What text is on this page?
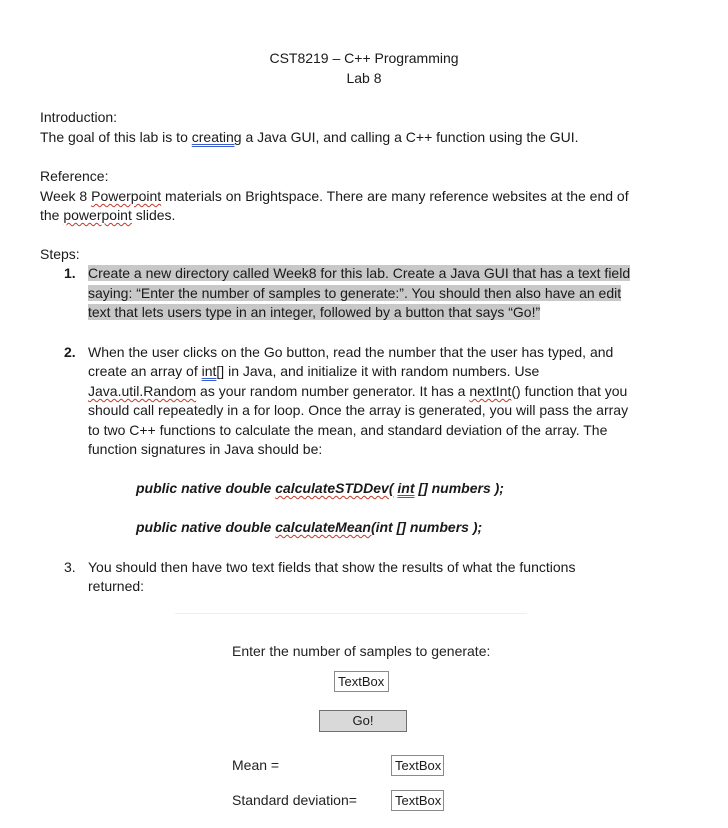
CST8219 – C++ Programming
Lab 8
Introduction:
The goal of this lab is to creating a Java GUI, and calling a C++ function using the GUI.
Reference:
Week 8 Powerpoint materials on Brightspace. There are many reference websites at the end of
the powerpoint slides.
Steps:
1. Create a new directory called Week8 for this lab. Create a Java GUI that has a text field
saying: “Enter the number of samples to generate:”. You should then also have an edit
text that lets users type in an integer, followed by a button that says “Go!”
2. When the user clicks on the Go button, read the number that the user has typed, and
create an array of int[] in Java, and initialize it with random numbers. Use
Java.util.Random as your random number generator. It has a nextInt() function that you
should call repeatedly in a for loop. Once the array is generated, you will pass the array
to two C++ functions to calculate the mean, and standard deviation of the array. The
function signatures in Java should be:
public native double calculateSTDDev( int [] numbers );
public native double calculateMean(int [] numbers );
3. You should then have two text fields that show the results of what the functions
returned:
Enter the number of samples to generate:
TextBox
Go!
Mean =	TextBox
Standard deviation=	TextBox
